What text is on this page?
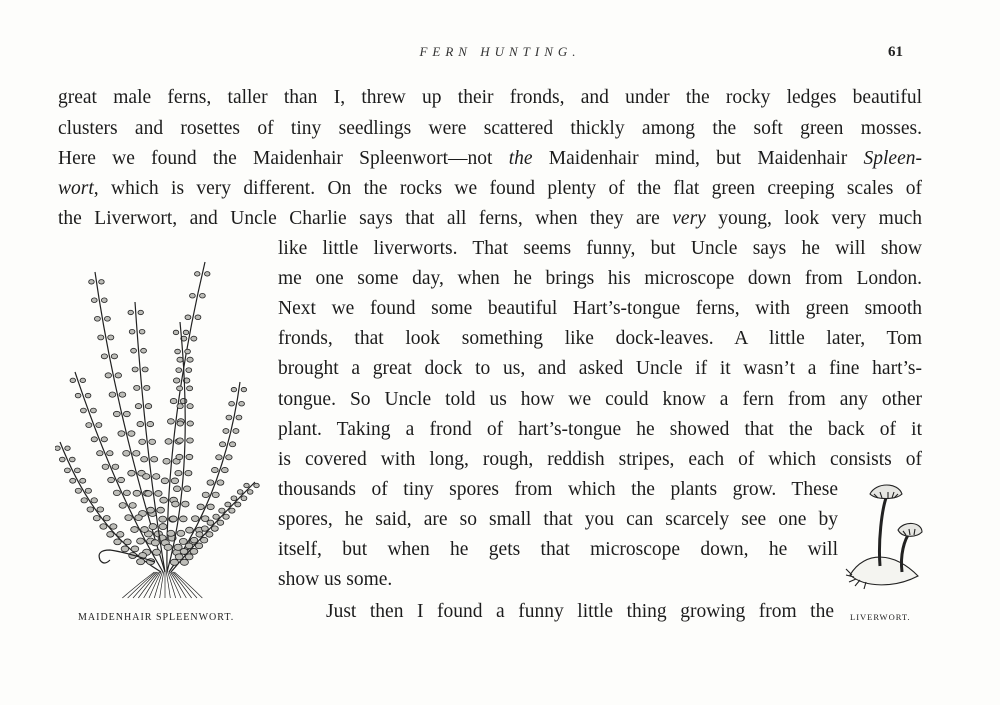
FERN HUNTING.	61
great male ferns, taller than I, threw up their fronds, and under the rocky ledges beautiful
clusters and rosettes of tiny seedlings were scattered thickly among the soft green mosses.
Here we found the Maidenhair Spleenwort—not the Maidenhair mind, but Maidenhair Spleen-
wort, which is very different. On the rocks we found plenty of the flat green creeping scales of
the Liverwort, and Uncle Charlie says that all ferns, when they are very young, look very much
like little liverworts. That seems funny, but Uncle says he will show
me one some day, when he brings his microscope down from London.
Next we found some beautiful Hart’s-tongue ferns, with green smooth
fronds, that look something like dock-leaves. A little later, Tom
brought a great dock to us, and asked Uncle if it wasn’t a fine hart’s-
tongue. So Uncle told us how we could know a fern from any other
plant. Taking a frond of hart’s-tongue he showed that the back of it
is covered with long, rough, reddish stripes, each of which consists of
thousands of tiny spores from which the plants grow. These
spores, he said, are so small that you can scarcely see one by
itself, but when he gets that microscope down, he will
show us some.
Just then I found a funny little thing growing from the
MAIDENHAIR SPLEENWORT.	LIVERWORT.
